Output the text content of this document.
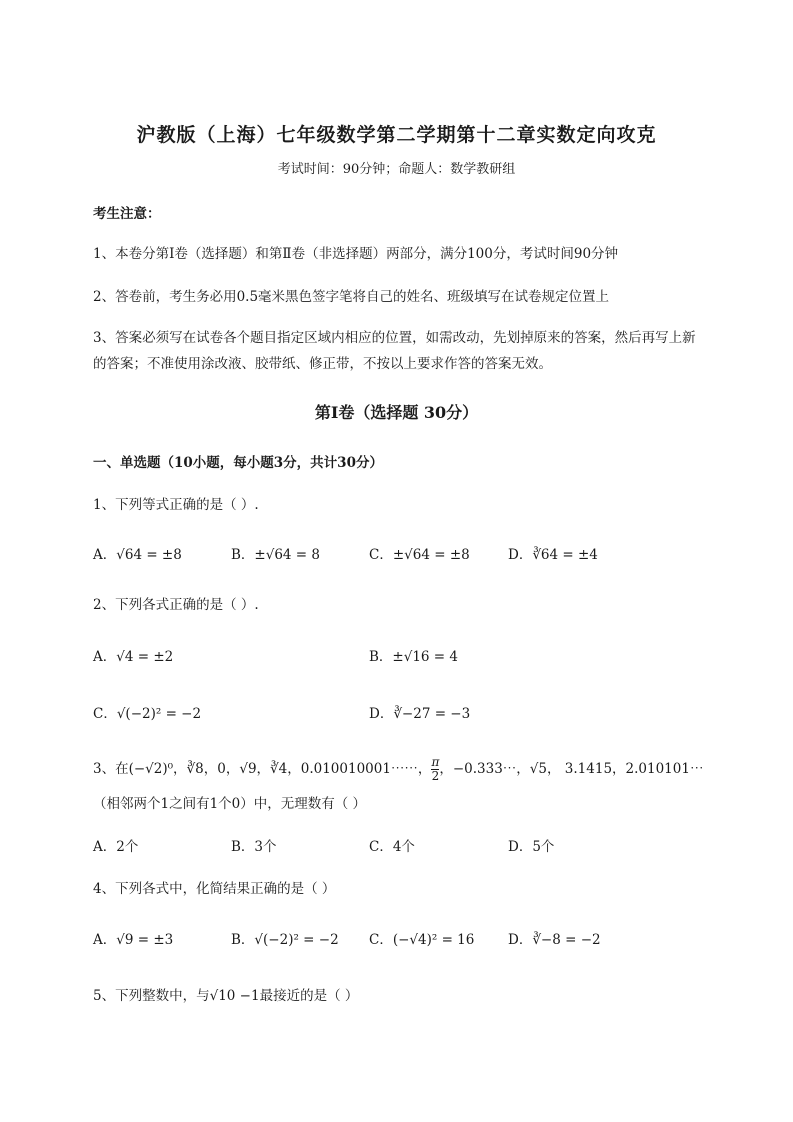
沪教版（上海）七年级数学第二学期第十二章实数定向攻克
考试时间：90分钟；命题人：数学教研组
考生注意：
1、本卷分第I卷（选择题）和第Ⅱ卷（非选择题）两部分，满分100分，考试时间90分钟
2、答卷前，考生务必用0.5毫米黑色签字笔将自己的姓名、班级填写在试卷规定位置上
3、答案必须写在试卷各个题目指定区域内相应的位置，如需改动，先划掉原来的答案，然后再写上新
的答案；不准使用涂改液、胶带纸、修正带，不按以上要求作答的答案无效。
第I卷（选择题 30分）
一、单选题（10小题，每小题3分，共计30分）
1、下列等式正确的是（ ）.
A．√64 = ±8	B．±√64 = 8	C．±√64 = ±8	D．∛64 = ±4
2、下列各式正确的是（ ）.
A．√4 = ±2	B．±√16 = 4
C．√(−2)² = −2	D．∛−27 = −3
3、在(−√2)⁰，∛8，0，√9，∛4，0.010010001⋯⋯， $\frac{\pi}{2}$ ，−0.333⋯，√5， 3.1415，2.010101⋯
（相邻两个1之间有1个0）中，无理数有（ ）
A．2个	B．3个	C．4个	D．5个
4、下列各式中，化简结果正确的是（ ）
A．√9 = ±3	B．√(−2)² = −2 C．(−√4)² = 16 D．∛−8 = −2
5、下列整数中，与√10 −1最接近的是（ ）
